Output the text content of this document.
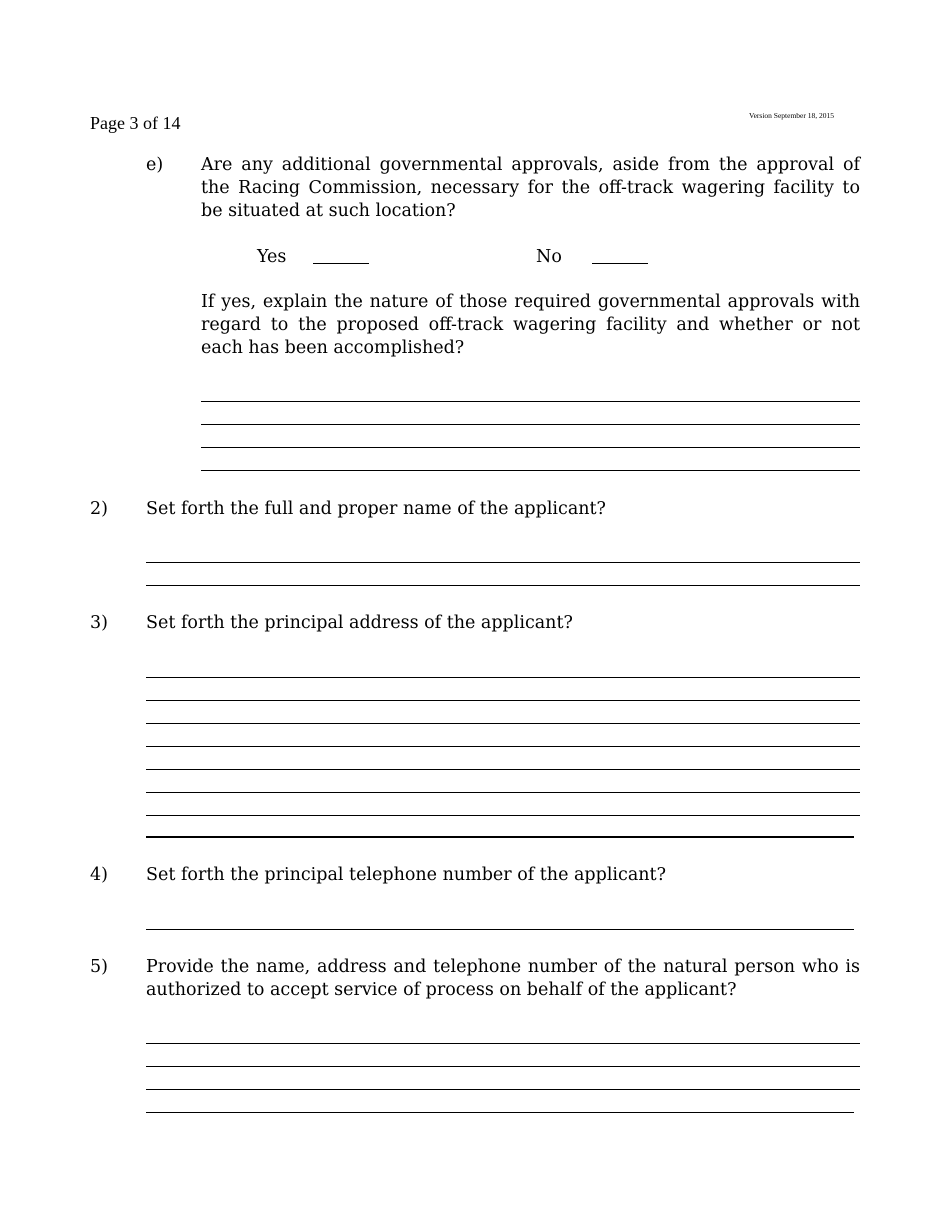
Page 3 of 14	Version September 18, 2015
e) Are any additional governmental approvals, aside from the approval of the Racing Commission, necessary for the off-track wagering facility to be situated at such location?
Yes	No
If yes, explain the nature of those required governmental approvals with regard to the proposed off-track wagering facility and whether or not each has been accomplished?
2) Set forth the full and proper name of the applicant?
3) Set forth the principal address of the applicant?
4) Set forth the principal telephone number of the applicant?
5) Provide the name, address and telephone number of the natural person who is authorized to accept service of process on behalf of the applicant?
